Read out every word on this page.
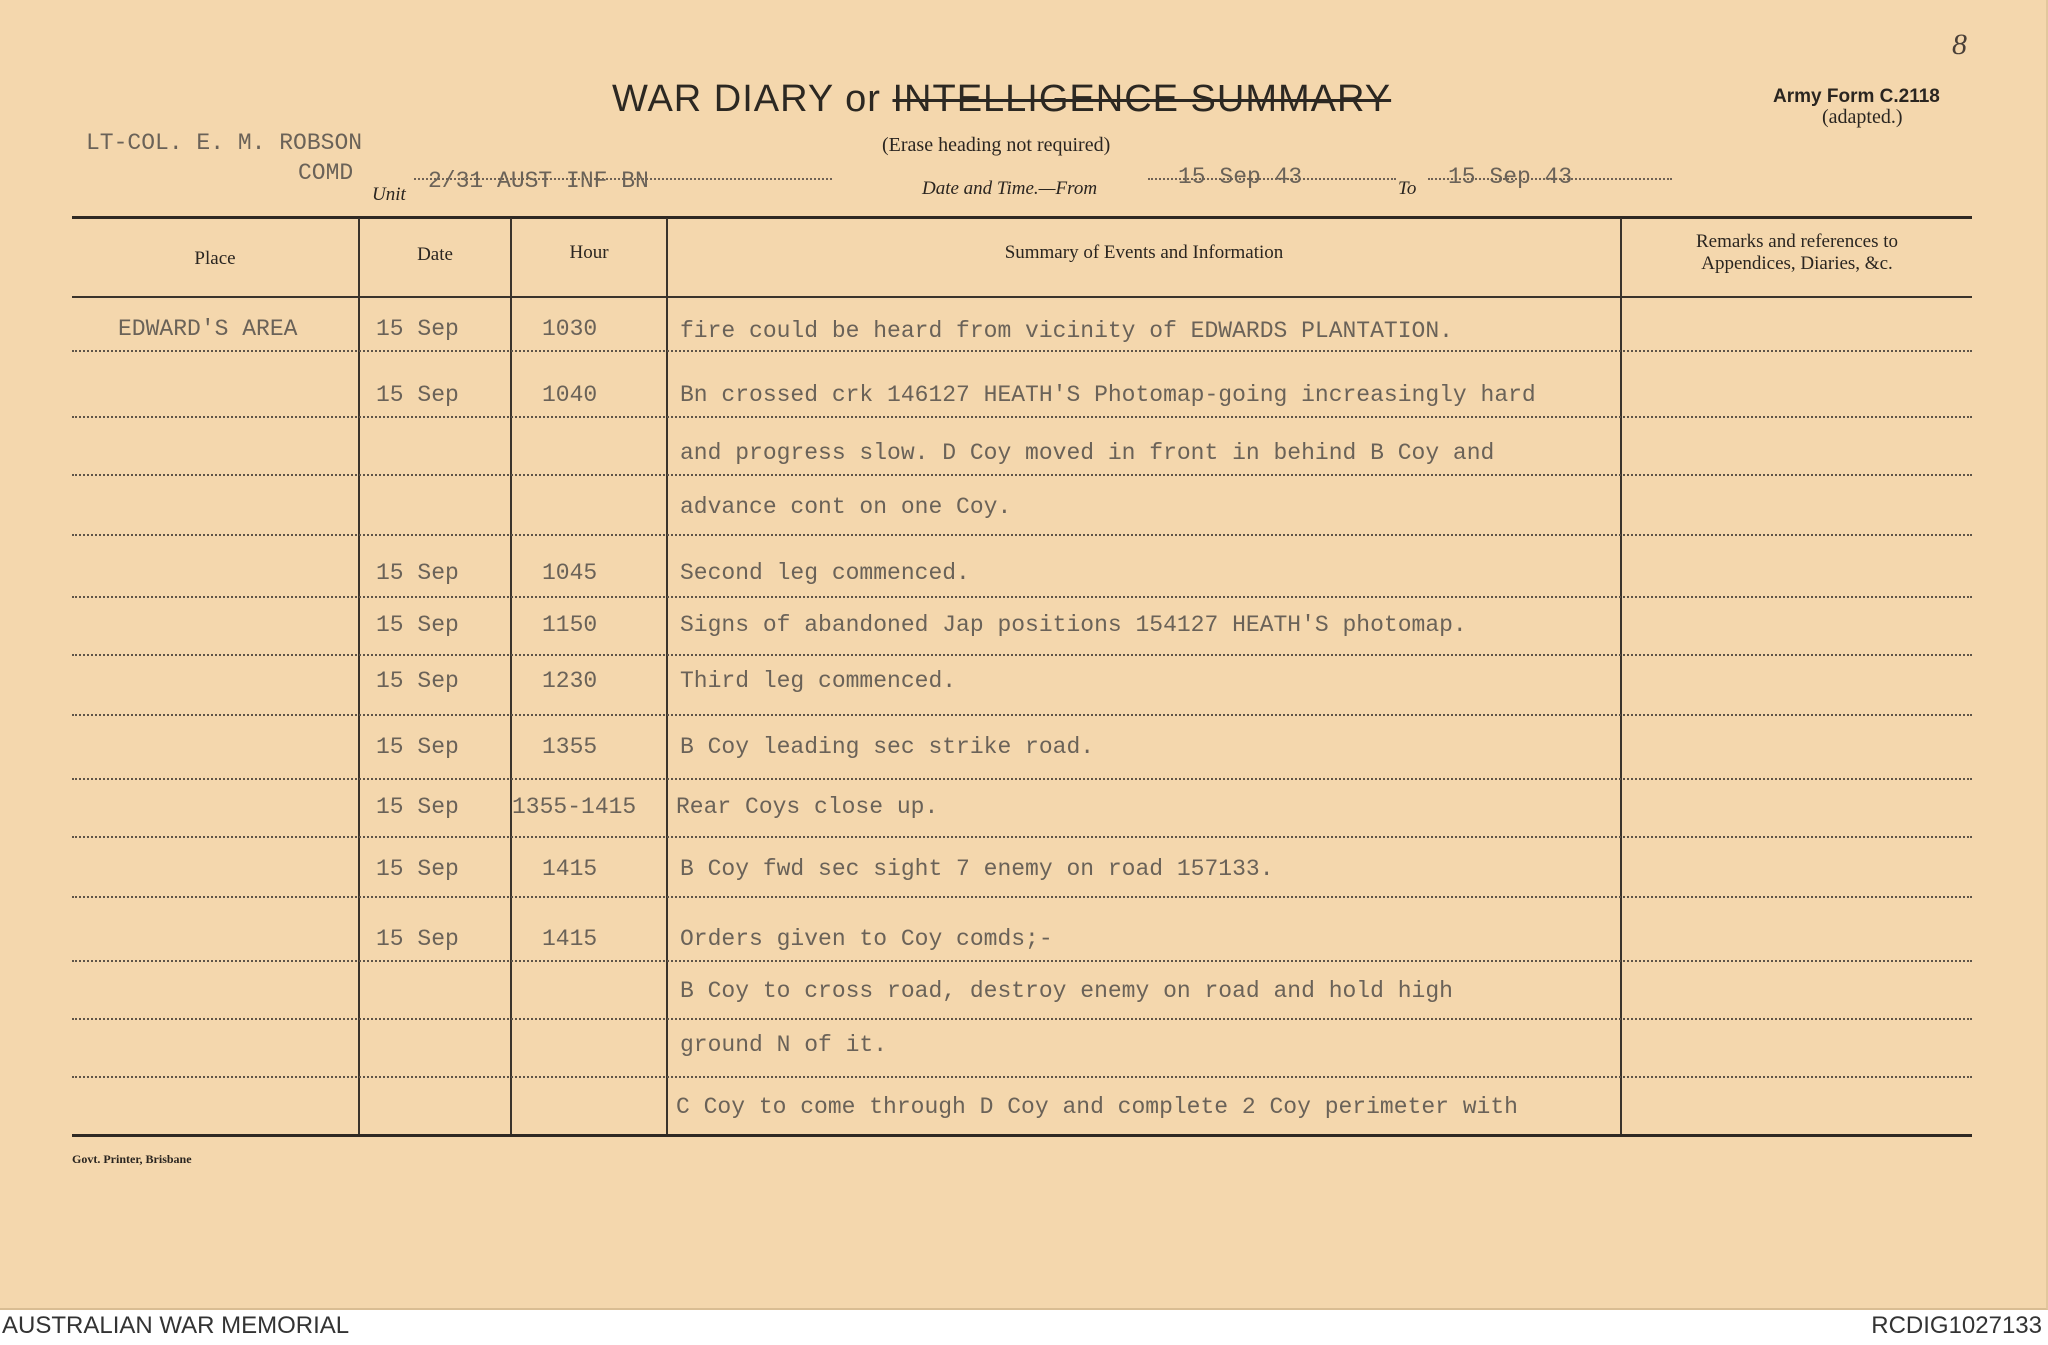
8
WAR DIARY or INTELLIGENCE SUMMARY
(Erase heading not required)
Army Form C.2118
(adapted.)
LT-COL. E. M. ROBSON
COMD
Unit
2/31 AUST INF BN	Date and Time.—From	15 Sep 43	To 15 Sep 43
Place	Date	Hour	Summary of Events and Information
Remarks and references to
Appendices, Diaries, &c.
EDWARD'S AREA	15 Sep	1030	fire could be heard from vicinity of EDWARDS PLANTATION.
15 Sep	1040	Bn crossed crk 146127 HEATH'S Photomap-going increasingly hard
and progress slow. D Coy moved in front in behind B Coy and
advance cont on one Coy.
15 Sep	1045	Second leg commenced.
15 Sep	1150	Signs of abandoned Jap positions 154127 HEATH'S photomap.
15 Sep	1230	Third leg commenced.
15 Sep	1355	B Coy leading sec strike road.
15 Sep 1355-1415 Rear Coys close up.
15 Sep	1415	B Coy fwd sec sight 7 enemy on road 157133.
15 Sep	1415	Orders given to Coy comds;-
B Coy to cross road, destroy enemy on road and hold high
ground N of it.
C Coy to come through D Coy and complete 2 Coy perimeter with
Govt. Printer, Brisbane
AUSTRALIAN WAR MEMORIAL	RCDIG1027133
